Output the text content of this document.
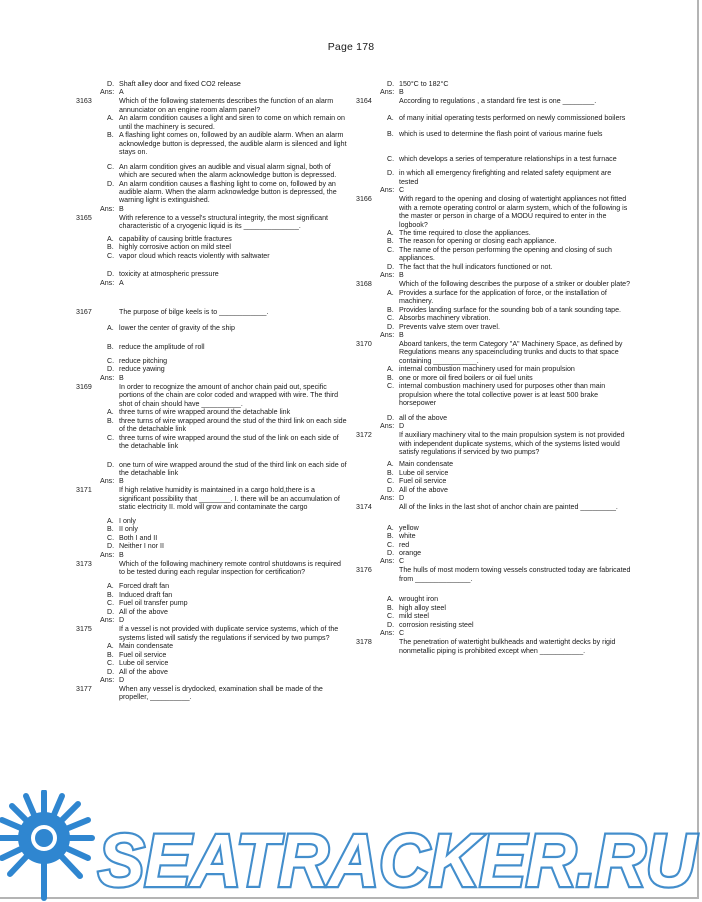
Page 178
D. Shaft alley door and fixed CO2 release
Ans: A
3163	Which of the following statements describes the function of an alarm annunciator on an engine room alarm panel?
A. An alarm condition causes a light and siren to come on which remain on until the machinery is secured.
B. A flashing light comes on, followed by an audible alarm. When an alarm acknowledge button is depressed, the audible alarm is silenced and light stays on.
C. An alarm condition gives an audible and visual alarm signal, both of which are secured when the alarm acknowledge button is depressed.
D. An alarm condition causes a flashing light to come on, followed by an audible alarm. When the alarm acknowledge button is depressed, the warning light is extinguished.
Ans: B
3165	With reference to a vessel's structural integrity, the most significant characteristic of a cryogenic liquid is its ______________.
A. capability of causing brittle fractures
B. highly corrosive action on mild steel
C. vapor cloud which reacts violently with saltwater
D. toxicity at atmospheric pressure
Ans: A
3167	The purpose of bilge keels is to ____________.
A. lower the center of gravity of the ship
B. reduce the amplitude of roll
C. reduce pitching
D. reduce yawing
Ans: B
3169	In order to recognize the amount of anchor chain paid out, specific portions of the chain are color coded and wrapped with wire. The third shot of chain should have __________.
A. three turns of wire wrapped around the detachable link
B. three turns of wire wrapped around the stud of the third link on each side of the detachable link
C. three turns of wire wrapped around the stud of the link on each side of the detachable link
D. one turn of wire wrapped around the stud of the third link on each side of the detachable link
Ans: B
3171	If high relative humidity is maintained in a cargo hold,there is a significant possibility that ________. I. there will be an accumulation of static electricity II. mold will grow and contaminate the cargo
A. I only
B. II only
C. Both I and II
D. Neither I nor II
Ans: B
3173	Which of the following machinery remote control shutdowns is required to be tested during each regular inspection for certification?
A. Forced draft fan
B. Induced draft fan
C. Fuel oil transfer pump
D. All of the above
Ans: D
3175	If a vessel is not provided with duplicate service systems, which of the systems listed will satisfy the regulations if serviced by two pumps?
A. Main condensate
B. Fuel oil service
C. Lube oil service
D. All of the above
Ans: D
3177	When any vessel is drydocked, examination shall be made of the propeller, __________.
D. 150°C to 182°C
Ans: B
3164	According to regulations , a standard fire test is one ________.
A. of many initial operating tests performed on newly commissioned boilers
B. which is used to determine the flash point of various marine fuels
C. which develops a series of temperature relationships in a test furnace
D. in which all emergency firefighting and related safety equipment are tested
Ans: C
3166	With regard to the opening and closing of watertight appliances not fitted with a remote operating control or alarm system, which of the following is the master or person in charge of a MODU required to enter in the logbook?
A. The time required to close the appliances.
B. The reason for opening or closing each appliance.
C. The name of the person performing the opening and closing of such appliances.
D. The fact that the hull indicators functioned or not.
Ans: B
3168	Which of the following describes the purpose of a striker or doubler plate?
A. Provides a surface for the application of force, or the installation of machinery.
B. Provides landing surface for the sounding bob of a tank sounding tape.
C. Absorbs machinery vibration.
D. Prevents valve stem over travel.
Ans: B
3170	Aboard tankers, the term Category "A" Machinery Space, as defined by Regulations means any spaceincluding trunks and ducts to that space containing ___________.
A. internal combustion machinery used for main propulsion
B. one or more oil fired boilers or oil fuel units
C. internal combustion machinery used for purposes other than main propulsion where the total collective power is at least 500 brake horsepower
D. all of the above
Ans: D
3172	If auxiliary machinery vital to the main propulsion system is not provided with independent duplicate systems, which of the systems listed would satisfy regulations if serviced by two pumps?
A. Main condensate
B. Lube oil service
C. Fuel oil service
D. All of the above
Ans: D
3174	All of the links in the last shot of anchor chain are painted _________.
A. yellow
B. white
C. red
D. orange
Ans: C
3176	The hulls of most modern towing vessels constructed today are fabricated from ______________.
A. wrought iron
B. high alloy steel
C. mild steel
D. corrosion resisting steel
Ans: C
3178	The penetration of watertight bulkheads and watertight decks by rigid nonmetallic piping is prohibited except when ___________.
SEATRACKER.RU
